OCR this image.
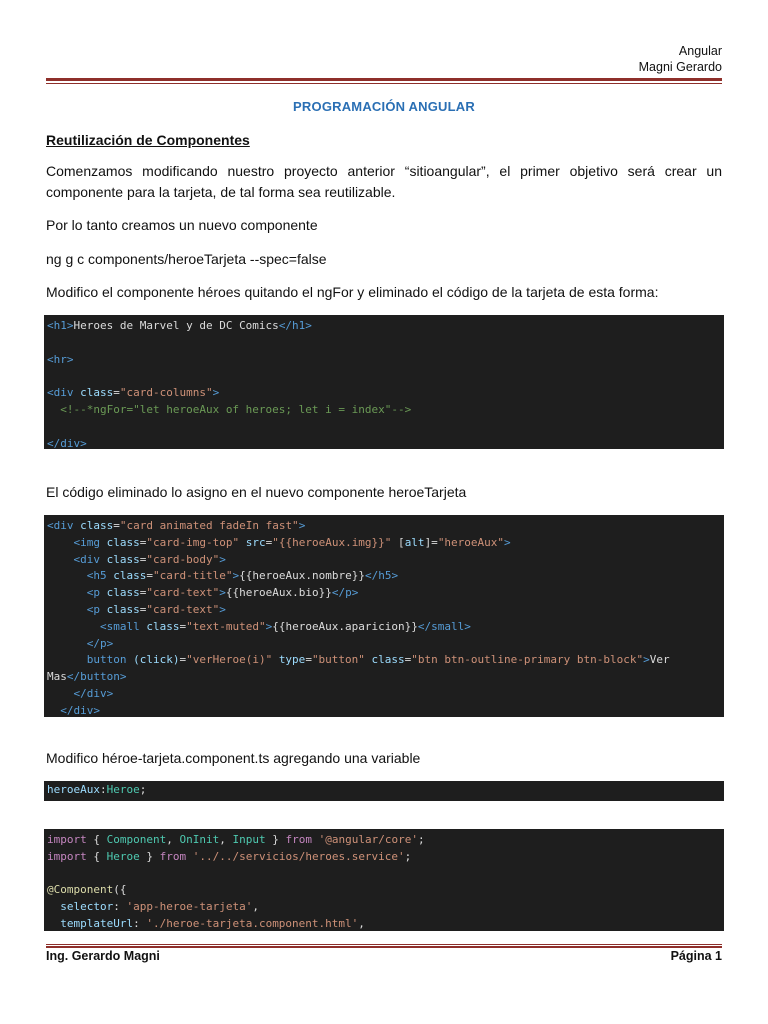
Angular
Magni Gerardo
PROGRAMACIÓN ANGULAR
Reutilización de Componentes
Comenzamos modificando nuestro proyecto anterior “sitioangular”, el primer objetivo será crear un componente para la tarjeta, de tal forma sea reutilizable.
Por lo tanto creamos un nuevo componente
ng g c components/heroeTarjeta --spec=false
Modifico el componente héroes quitando el ngFor y eliminado el código de la tarjeta de esta forma:
<h1>Heroes de Marvel y de DC Comics</h1>

<hr>

<div class="card-columns">
<!--*ngFor="let heroeAux of heroes; let i = index"-->

</div>
El código eliminado lo asigno en el nuevo componente heroeTarjeta
<div class="card animated fadeIn fast">
<img class="card-img-top" src="{{heroeAux.img}}" [alt]="heroeAux">
<div class="card-body">
<h5 class="card-title">{{heroeAux.nombre}}</h5>
<p class="card-text">{{heroeAux.bio}}</p>
<p class="card-text">
<small class="text-muted">{{heroeAux.aparicion}}</small>
</p>
button (click)="verHeroe(i)" type="button" class="btn btn-outline-primary btn-block">Ver
Mas</button>
</div>
</div>
Modifico héroe-tarjeta.component.ts agregando una variable
heroeAux:Heroe;
import { Component, OnInit, Input } from '@angular/core';
import { Heroe } from '../../servicios/heroes.service';

@Component({
selector: 'app-heroe-tarjeta',
templateUrl: './heroe-tarjeta.component.html',
Ing. Gerardo Magni	Página 1
